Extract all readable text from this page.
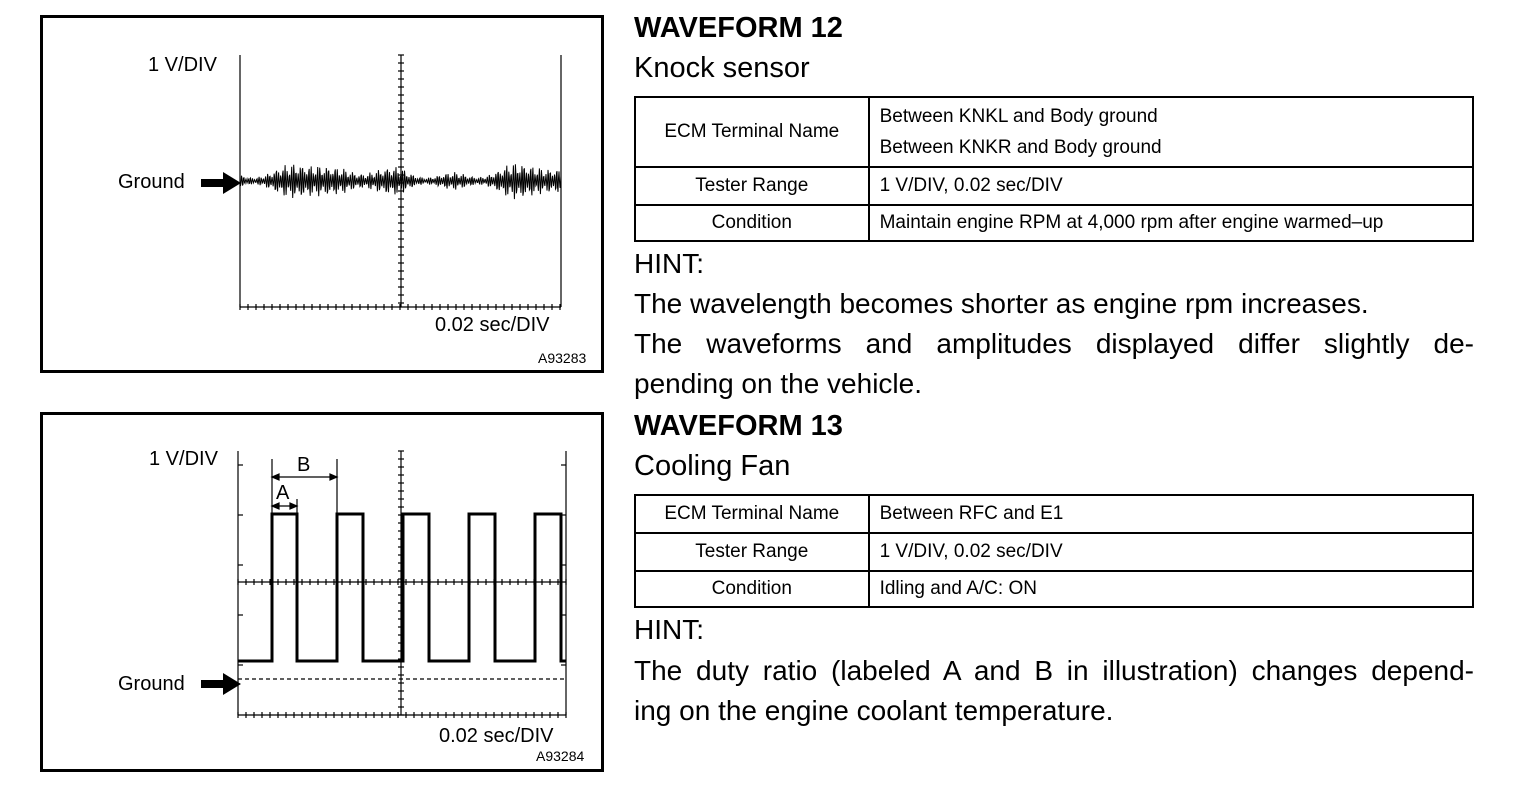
1 V/DIV
Ground
0.02 sec/DIV
A93283
1 V/DIV	B
A
Ground
0.02 sec/DIV
A93284
WAVEFORM 12
Knock sensor
ECM Terminal Name	Between KNKL and Body ground
Between KNKR and Body ground

Tester Range	1 V/DIV, 0.02 sec/DIV
Condition	Maintain engine RPM at 4,000 rpm after engine warmed–up
HINT:
The wavelength becomes shorter as engine rpm increases.
The waveforms and amplitudes displayed differ slightly de-
pending on the vehicle.
WAVEFORM 13
Cooling Fan
ECM Terminal Name	Between RFC and E1
Tester Range	1 V/DIV, 0.02 sec/DIV
Condition	Idling and A/C: ON
HINT:
The duty ratio (labeled A and B in illustration) changes depend-
ing on the engine coolant temperature.
